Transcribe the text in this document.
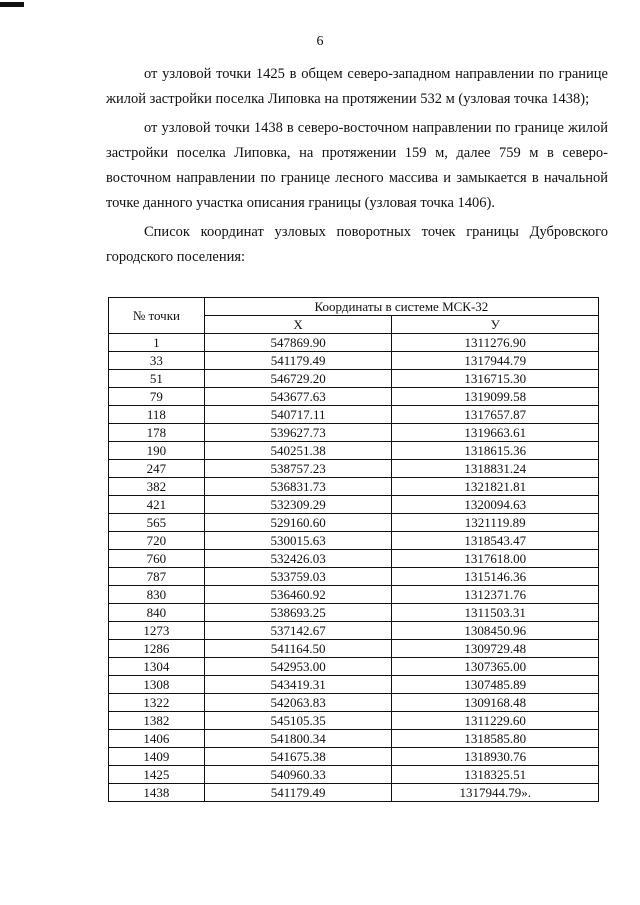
6

от узловой точки 1425 в общем северо-западном направлении по границе жилой застройки поселка Липовка на протяжении 532 м (узловая точка 1438);

от узловой точки 1438 в северо-восточном направлении по границе жилой застройки поселка Липовка, на протяжении 159 м, далее 759 м в северо-восточном направлении по границе лесного массива и замыкается в начальной точке данного участка описания границы (узловая точка 1406).

Список координат узловых поворотных точек границы Дубровского городского поселения:

№ точки	Координаты в системе МСК-32	
	X	У
1	547869.90	1311276.90
33	541179.49	1317944.79
51	546729.20	1316715.30
79	543677.63	1319099.58
118	540717.11	1317657.87
178	539627.73	1319663.61
190	540251.38	1318615.36
247	538757.23	1318831.24
382	536831.73	1321821.81
421	532309.29	1320094.63
565	529160.60	1321119.89
720	530015.63	1318543.47
760	532426.03	1317618.00
787	533759.03	1315146.36
830	536460.92	1312371.76
840	538693.25	1311503.31
1273	537142.67	1308450.96
1286	541164.50	1309729.48
1304	542953.00	1307365.00
1308	543419.31	1307485.89
1322	542063.83	1309168.48
1382	545105.35	1311229.60
1406	541800.34	1318585.80
1409	541675.38	1318930.76
1425	540960.33	1318325.51
1438	541179.49	1317944.79».
